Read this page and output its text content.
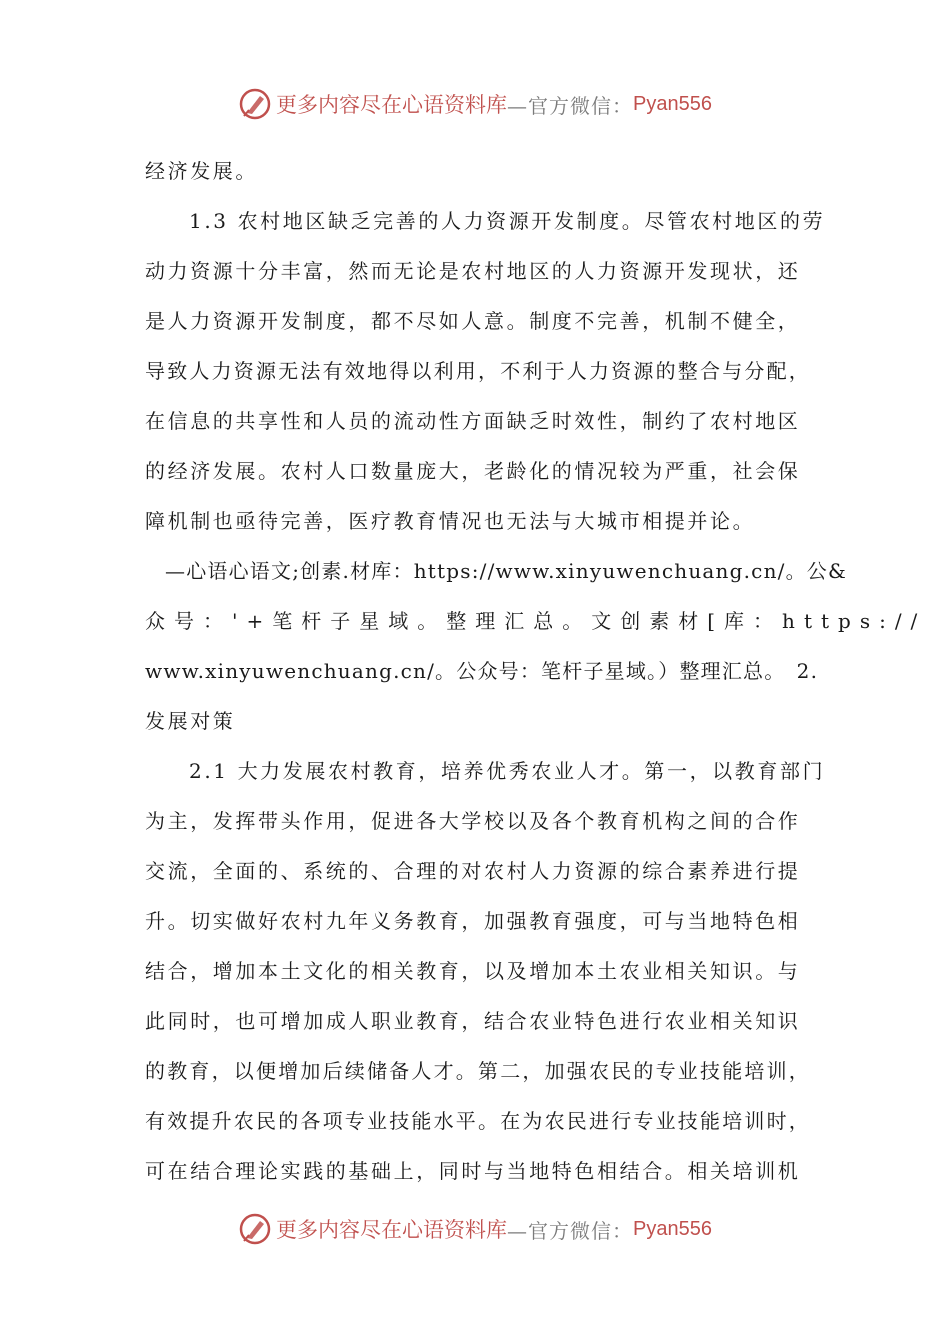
更多内容尽在心语资料库 —官方微信： Pyan556
经济发展。
1.3 农村地区缺乏完善的人力资源开发制度。尽管农村地区的劳
动力资源十分丰富，然而无论是农村地区的人力资源开发现状，还
是人力资源开发制度，都不尽如人意。制度不完善，机制不健全，
导致人力资源无法有效地得以利用，不利于人力资源的整合与分配，
在信息的共享性和人员的流动性方面缺乏时效性，制约了农村地区
的经济发展。农村人口数量庞大，老龄化的情况较为严重，社会保
障机制也亟待完善，医疗教育情况也无法与大城市相提并论。
—心语心语文;创素.材库：https://www.xinyuwenchuang.cn/。公&
众号：'+笔杆子星域。整理汇总。文创素材[库：https://
www.xinyuwenchuang.cn/。公众号：笔杆子星域。）整理汇总。　2.
发展对策
2.1 大力发展农村教育，培养优秀农业人才。第一，以教育部门
为主，发挥带头作用，促进各大学校以及各个教育机构之间的合作
交流，全面的、系统的、合理的对农村人力资源的综合素养进行提
升。切实做好农村九年义务教育，加强教育强度，可与当地特色相
结合，增加本土文化的相关教育，以及增加本土农业相关知识。与
此同时，也可增加成人职业教育，结合农业特色进行农业相关知识
的教育，以便增加后续储备人才。第二，加强农民的专业技能培训，
有效提升农民的各项专业技能水平。在为农民进行专业技能培训时，
可在结合理论实践的基础上，同时与当地特色相结合。相关培训机
更多内容尽在心语资料库 —官方微信： Pyan556
